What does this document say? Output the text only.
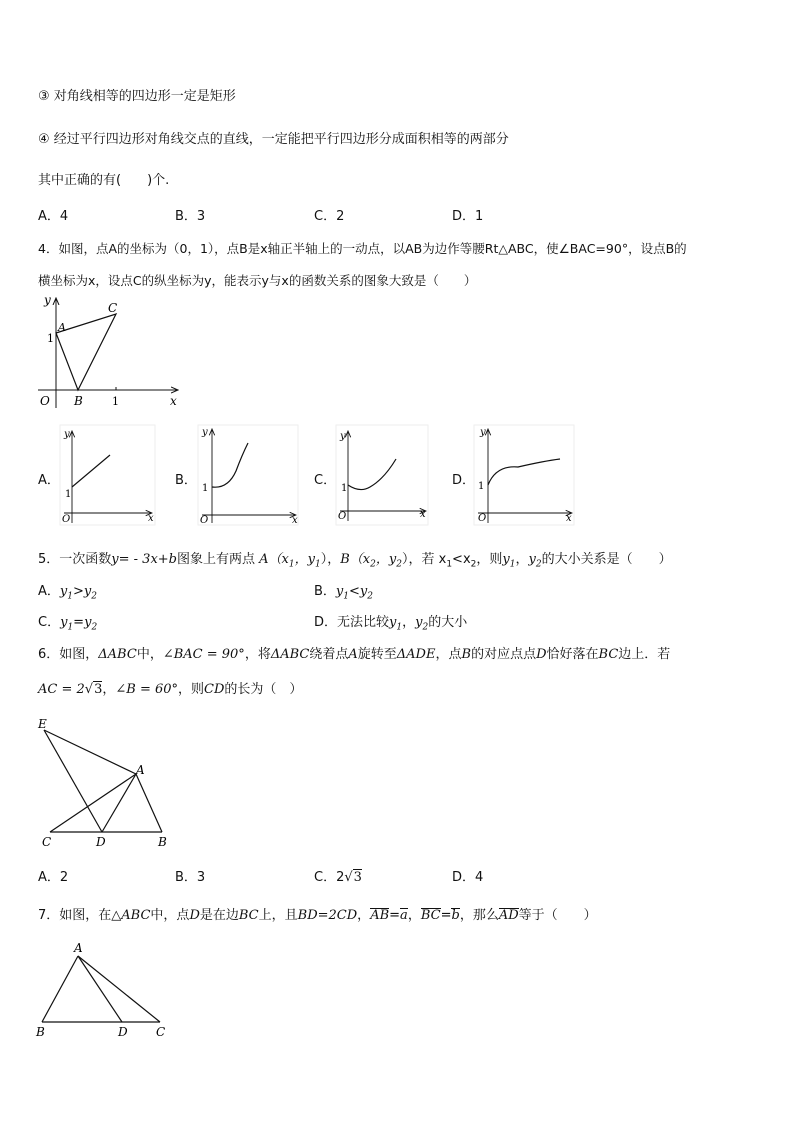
③ 对角线相等的四边形一定是矩形
④ 经过平行四边形对角线交点的直线，一定能把平行四边形分成面积相等的两部分
其中正确的有(　　)个.
A．4	B．3	C．2	D．1
4．如图，点A的坐标为（0，1），点B是x轴正半轴上的一动点，以AB为边作等腰Rt△ABC，使∠BAC=90°，设点B的
横坐标为x，设点C的纵坐标为y，能表示y与x的函数关系的图象大致是（　　）
y
x
O
A
B
C
1
1
A．	B．	C．	D．
y
x
O
1
y
x
O
1
y
x
O
1
y
x
O
1
5．一次函数y= - 3x+b图象上有两点 $A(x_1$，$y_1$），$B(x_2$，$y_2$），若 $x_1<x_2$，则$y_1$，$y_2$的大小关系是（　　）
A．$y_1>y_2$	B．$y_1<y_2$
C．$y_1=y_2$	D．无法比较$y_1$，$y_2$的大小
6．如图，ΔABC中，∠BAC = 90°，将ΔABC绕着点A旋转至ΔADE，点B的对应点点D恰好落在BC边上．若
AC = 2√3，∠B = 60°，则CD的长为（　）
E
A
C	D	B
A．2	B．3	C．2√3	D．4
7．如图，在△ABC中，点D是在边BC上，且BD=2CD，AB=a，BC=b，那么AD等于（　　）
A
B	D C
